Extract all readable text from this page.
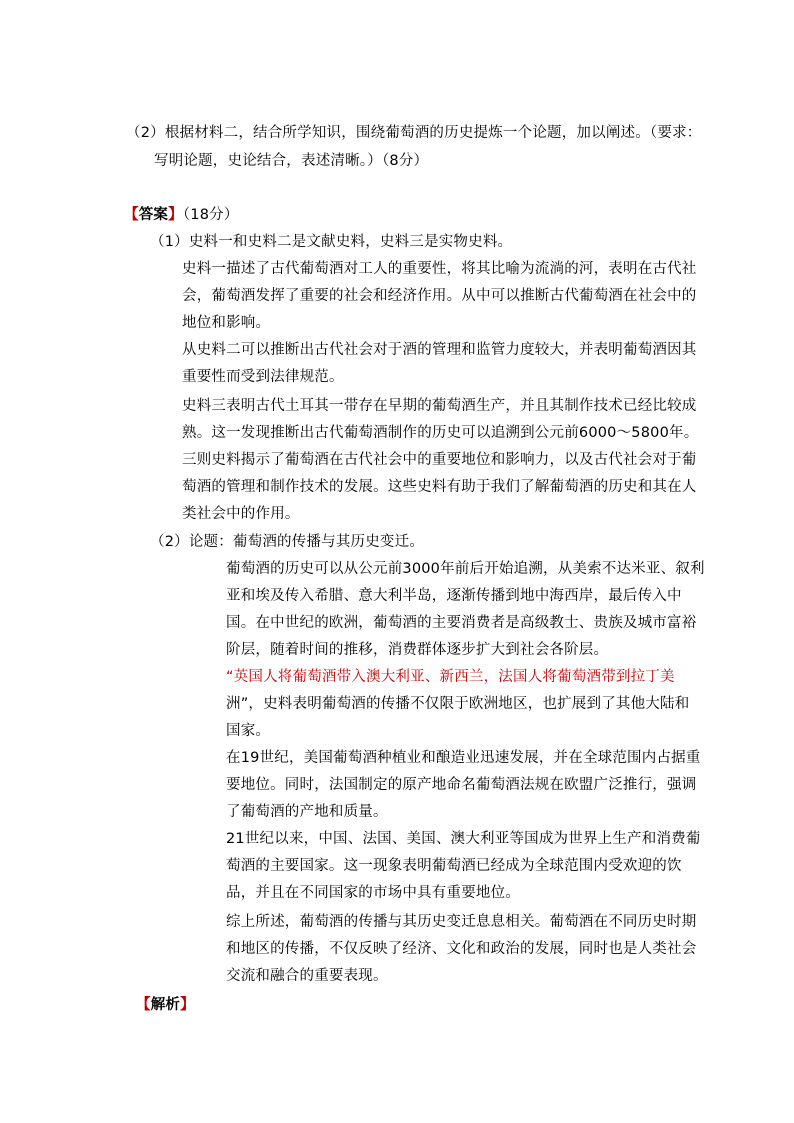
（2）根据材料二，结合所学知识，围绕葡萄酒的历史提炼一个论题，加以阐述。（要求：
写明论题，史论结合，表述清晰。）（8分）
【答案】（18分）
（1）史料一和史料二是文献史料，史料三是实物史料。
史料一描述了古代葡萄酒对工人的重要性，将其比喻为流淌的河，表明在古代社
会，葡萄酒发挥了重要的社会和经济作用。从中可以推断古代葡萄酒在社会中的
地位和影响。
从史料二可以推断出古代社会对于酒的管理和监管力度较大，并表明葡萄酒因其
重要性而受到法律规范。
史料三表明古代土耳其一带存在早期的葡萄酒生产，并且其制作技术已经比较成
熟。这一发现推断出古代葡萄酒制作的历史可以追溯到公元前6000～5800年。
三则史料揭示了葡萄酒在古代社会中的重要地位和影响力，以及古代社会对于葡
萄酒的管理和制作技术的发展。这些史料有助于我们了解葡萄酒的历史和其在人
类社会中的作用。
（2）论题：葡萄酒的传播与其历史变迁。
葡萄酒的历史可以从公元前3000年前后开始追溯，从美索不达米亚、叙利
亚和埃及传入希腊、意大利半岛，逐渐传播到地中海西岸，最后传入中
国。在中世纪的欧洲，葡萄酒的主要消费者是高级教士、贵族及城市富裕
阶层，随着时间的推移，消费群体逐步扩大到社会各阶层。
“英国人将葡萄酒带入澳大利亚、新西兰，法国人将葡萄酒带到拉丁美
洲”，史料表明葡萄酒的传播不仅限于欧洲地区，也扩展到了其他大陆和
国家。
在19世纪，美国葡萄酒种植业和酿造业迅速发展，并在全球范围内占据重
要地位。同时，法国制定的原产地命名葡萄酒法规在欧盟广泛推行，强调
了葡萄酒的产地和质量。
21世纪以来，中国、法国、美国、澳大利亚等国成为世界上生产和消费葡
萄酒的主要国家。这一现象表明葡萄酒已经成为全球范围内受欢迎的饮
品，并且在不同国家的市场中具有重要地位。
综上所述，葡萄酒的传播与其历史变迁息息相关。葡萄酒在不同历史时期
和地区的传播，不仅反映了经济、文化和政治的发展，同时也是人类社会
交流和融合的重要表现。
【解析】
